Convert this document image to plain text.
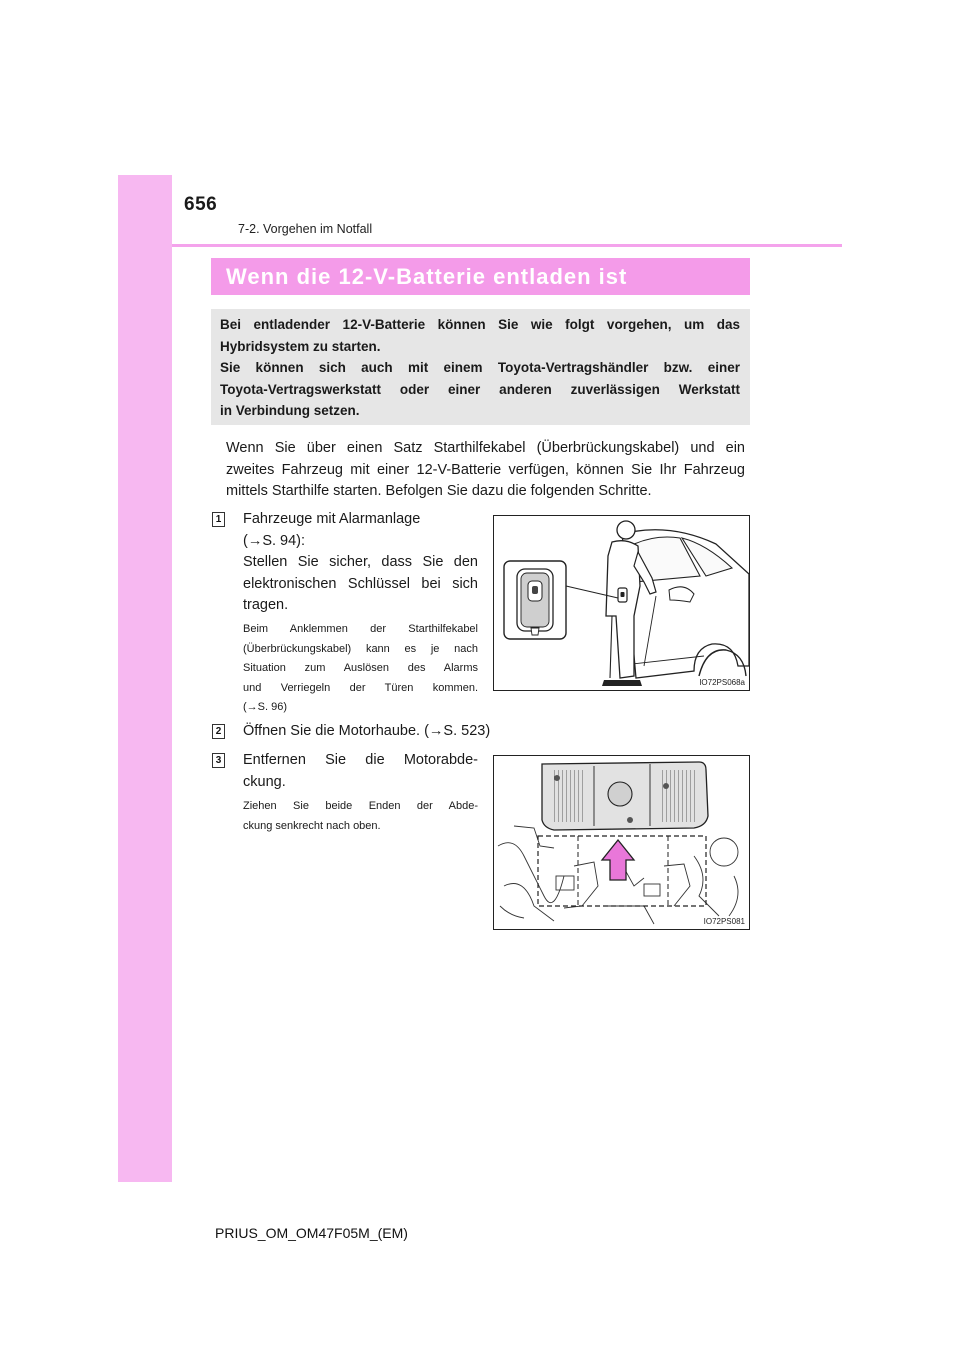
656
7-2. Vorgehen im Notfall
Wenn die 12-V-Batterie entladen ist
Bei entladender 12-V-Batterie können Sie wie folgt vorgehen, um das
Hybridsystem zu starten.
Sie können sich auch mit einem Toyota-Vertragshändler bzw. einer
Toyota-Vertragswerkstatt oder einer anderen zuverlässigen Werkstatt
in Verbindung setzen.
Wenn Sie über einen Satz Starthilfekabel (Überbrückungskabel) und ein
zweites Fahrzeug mit einer 12-V-Batterie verfügen, können Sie Ihr Fahrzeug
mittels Starthilfe starten. Befolgen Sie dazu die folgenden Schritte.
1 Fahrzeuge mit Alarmanlage
(→S. 94):
Stellen Sie sicher, dass Sie den
elektronischen Schlüssel bei sich
tragen.
Beim Anklemmen der Starthilfekabel
(Überbrückungskabel) kann es je nach
Situation zum Auslösen des Alarms
und Verriegeln der Türen kommen.
(→S. 96)
IO72PS068a
2 Öffnen Sie die Motorhaube. (→S. 523)
3 Entfernen Sie die Motorabde-
ckung.
Ziehen Sie beide Enden der Abde-
ckung senkrecht nach oben.
IO72PS081
PRIUS_OM_OM47F05M_(EM)
